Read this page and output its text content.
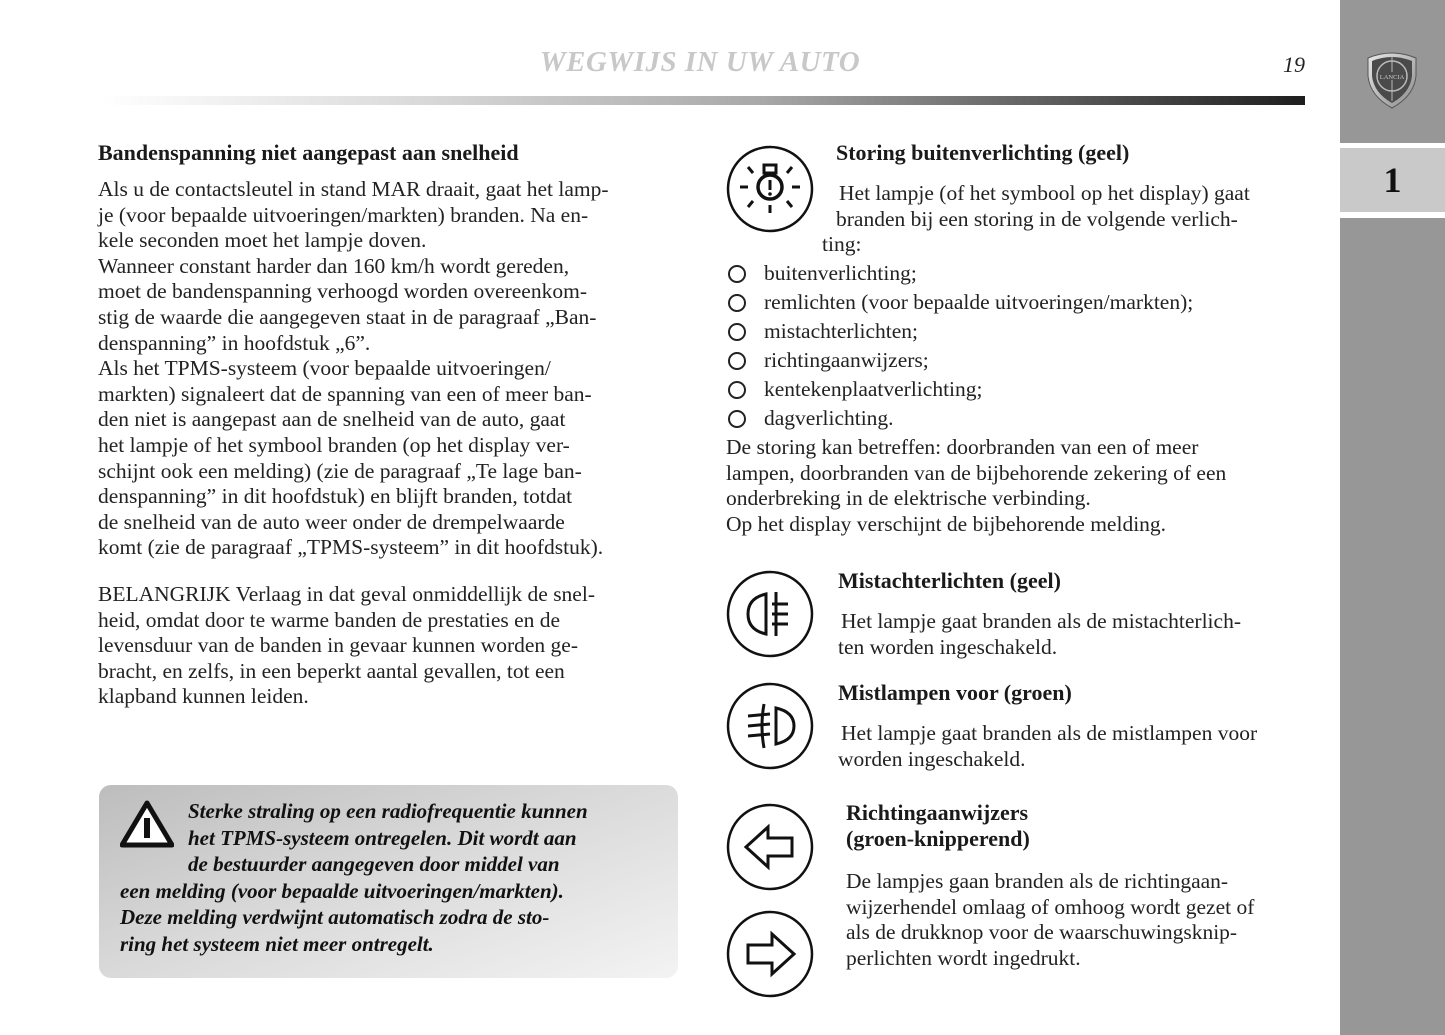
WEGWIJS IN UW AUTO	19
LANCIA
1
Bandenspanning niet aangepast aan snelheid
Als u de contactsleutel in stand MAR draait, gaat het lamp-
je (voor bepaalde uitvoeringen/markten) branden. Na en-
kele seconden moet het lampje doven.
Wanneer constant harder dan 160 km/h wordt gereden,
moet de bandenspanning verhoogd worden overeenkom-
stig de waarde die aangegeven staat in de paragraaf „Ban-
denspanning” in hoofdstuk „6”.
Als het TPMS-systeem (voor bepaalde uitvoeringen/
markten) signaleert dat de spanning van een of meer ban-
den niet is aangepast aan de snelheid van de auto, gaat
het lampje of het symbool branden (op het display ver-
schijnt ook een melding) (zie de paragraaf „Te lage ban-
denspanning” in dit hoofdstuk) en blijft branden, totdat
de snelheid van de auto weer onder de drempelwaarde
komt (zie de paragraaf „TPMS-systeem” in dit hoofdstuk).
BELANGRIJK Verlaag in dat geval onmiddellijk de snel-
heid, omdat door te warme banden de prestaties en de
levensduur van de banden in gevaar kunnen worden ge-
bracht, en zelfs, in een beperkt aantal gevallen, tot een
klapband kunnen leiden.
Sterke straling op een radiofrequentie kunnen
het TPMS-systeem ontregelen. Dit wordt aan
de bestuurder aangegeven door middel van
een melding (voor bepaalde uitvoeringen/markten).
Deze melding verdwijnt automatisch zodra de sto-
ring het systeem niet meer ontregelt.
Storing buitenverlichting (geel)
Het lampje (of het symbool op het display) gaat
branden bij een storing in de volgende verlich-
ting:
buitenverlichting;
remlichten (voor bepaalde uitvoeringen/markten);
mistachterlichten;
richtingaanwijzers;
kentekenplaatverlichting;
dagverlichting.
De storing kan betreffen: doorbranden van een of meer
lampen, doorbranden van de bijbehorende zekering of een
onderbreking in de elektrische verbinding.
Op het display verschijnt de bijbehorende melding.
Mistachterlichten (geel)
Het lampje gaat branden als de mistachterlich-
ten worden ingeschakeld.
Mistlampen voor (groen)
Het lampje gaat branden als de mistlampen voor
worden ingeschakeld.
Richtingaanwijzers
(groen-knipperend)
De lampjes gaan branden als de richtingaan-
wijzerhendel omlaag of omhoog wordt gezet of
als de drukknop voor de waarschuwingsknip-
perlichten wordt ingedrukt.
